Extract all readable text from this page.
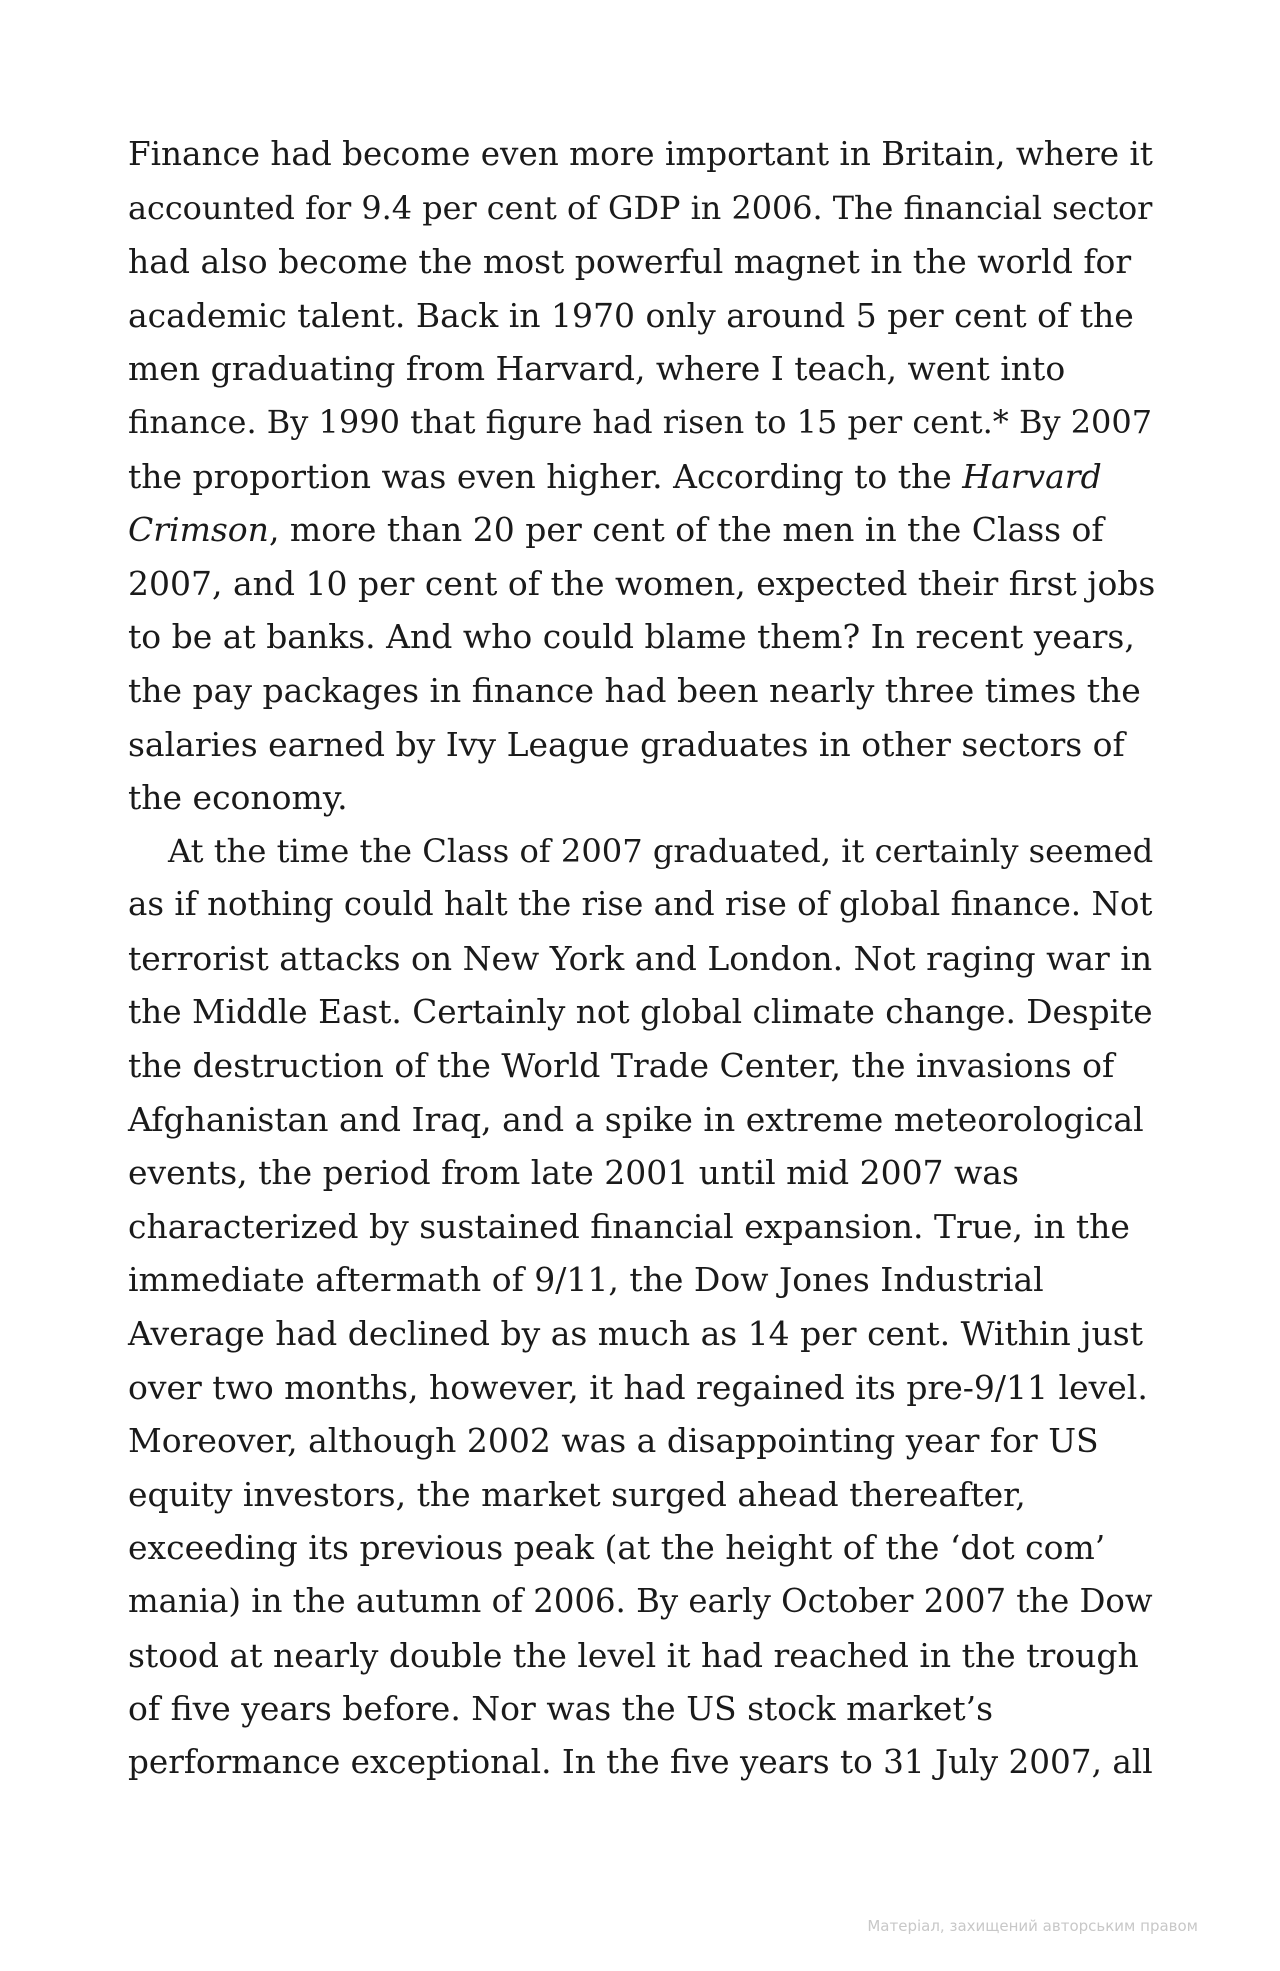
Finance had become even more important in Britain, where it
accounted for 9.4 per cent of GDP in 2006. The financial sector
had also become the most powerful magnet in the world for
academic talent. Back in 1970 only around 5 per cent of the
men graduating from Harvard, where I teach, went into
finance. By 1990 that figure had risen to 15 per cent.* By 2007
the proportion was even higher. According to the Harvard
Crimson, more than 20 per cent of the men in the Class of
2007, and 10 per cent of the women, expected their first jobs
to be at banks. And who could blame them? In recent years,
the pay packages in finance had been nearly three times the
salaries earned by Ivy League graduates in other sectors of
the economy.
At the time the Class of 2007 graduated, it certainly seemed
as if nothing could halt the rise and rise of global finance. Not
terrorist attacks on New York and London. Not raging war in
the Middle East. Certainly not global climate change. Despite
the destruction of the World Trade Center, the invasions of
Afghanistan and Iraq, and a spike in extreme meteorological
events, the period from late 2001 until mid 2007 was
characterized by sustained financial expansion. True, in the
immediate aftermath of 9/11, the Dow Jones Industrial
Average had declined by as much as 14 per cent. Within just
over two months, however, it had regained its pre-9/11 level.
Moreover, although 2002 was a disappointing year for US
equity investors, the market surged ahead thereafter,
exceeding its previous peak (at the height of the ‘dot com’
mania) in the autumn of 2006. By early October 2007 the Dow
stood at nearly double the level it had reached in the trough
of five years before. Nor was the US stock market’s
performance exceptional. In the five years to 31 July 2007, all
Матеріал, захищений авторським правом
